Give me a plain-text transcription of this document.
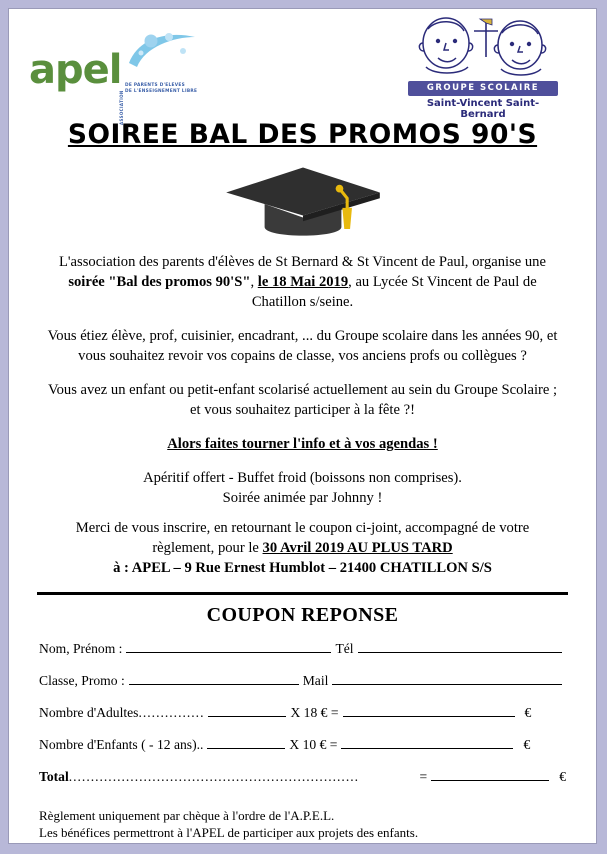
apel
ASSOCIATION
DE PARENTS D'ELEVES
DE L'ENSEIGNEMENT LIBRE	GROUPE SCOLAIRE
Saint-Vincent Saint-Bernard
SOIREE BAL DES PROMOS 90'S

L'association des parents d'élèves de St Bernard & St Vincent de Paul, organise une soirée "Bal des promos 90'S", le 18 Mai 2019, au Lycée St Vincent de Paul de Chatillon s/seine.

Vous étiez élève, prof, cuisinier, encadrant, ... du Groupe scolaire dans les années 90, et vous souhaitez revoir vos copains de classe, vos anciens profs ou collègues ?

Vous avez un enfant ou petit-enfant scolarisé actuellement au sein du Groupe Scolaire ; et vous souhaitez participer à la fête ?!

Alors faites tourner l'info et à vos agendas !

Apéritif offert - Buffet froid (boissons non comprises).
Soirée animée par Johnny !

Merci de vous inscrire, en retournant le coupon ci-joint, accompagné de votre règlement, pour le 30 Avril 2019 AU PLUS TARD
à : APEL – 9 Rue Ernest Humblot – 21400 CHATILLON S/S

COUPON REPONSE
Nom, Prénom :	Tél
Classe, Promo :	Mail
Nombre d'Adultes ...............	X 18 € =	€
Nombre d'Enfants ( - 12 ans)..	X 10 € =	€
Total ..................................................................	=	€
Règlement uniquement par chèque à l'ordre de l'A.P.E.L.
Les bénéfices permettront à l'APEL de participer aux projets des enfants.
